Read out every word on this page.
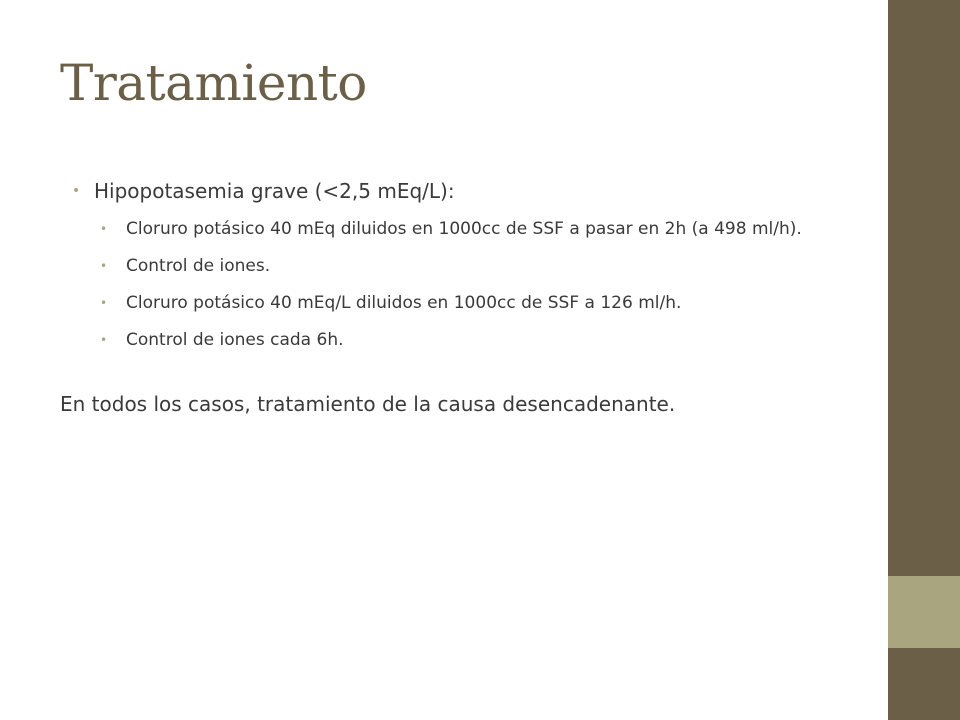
Tratamiento
• Hipopotasemia grave (<2,5 mEq/L):
• Cloruro potásico 40 mEq diluidos en 1000cc de SSF a pasar en 2h (a 498 ml/h).
• Control de iones.
• Cloruro potásico 40 mEq/L diluidos en 1000cc de SSF a 126 ml/h.
• Control de iones cada 6h.

En todos los casos, tratamiento de la causa desencadenante.
